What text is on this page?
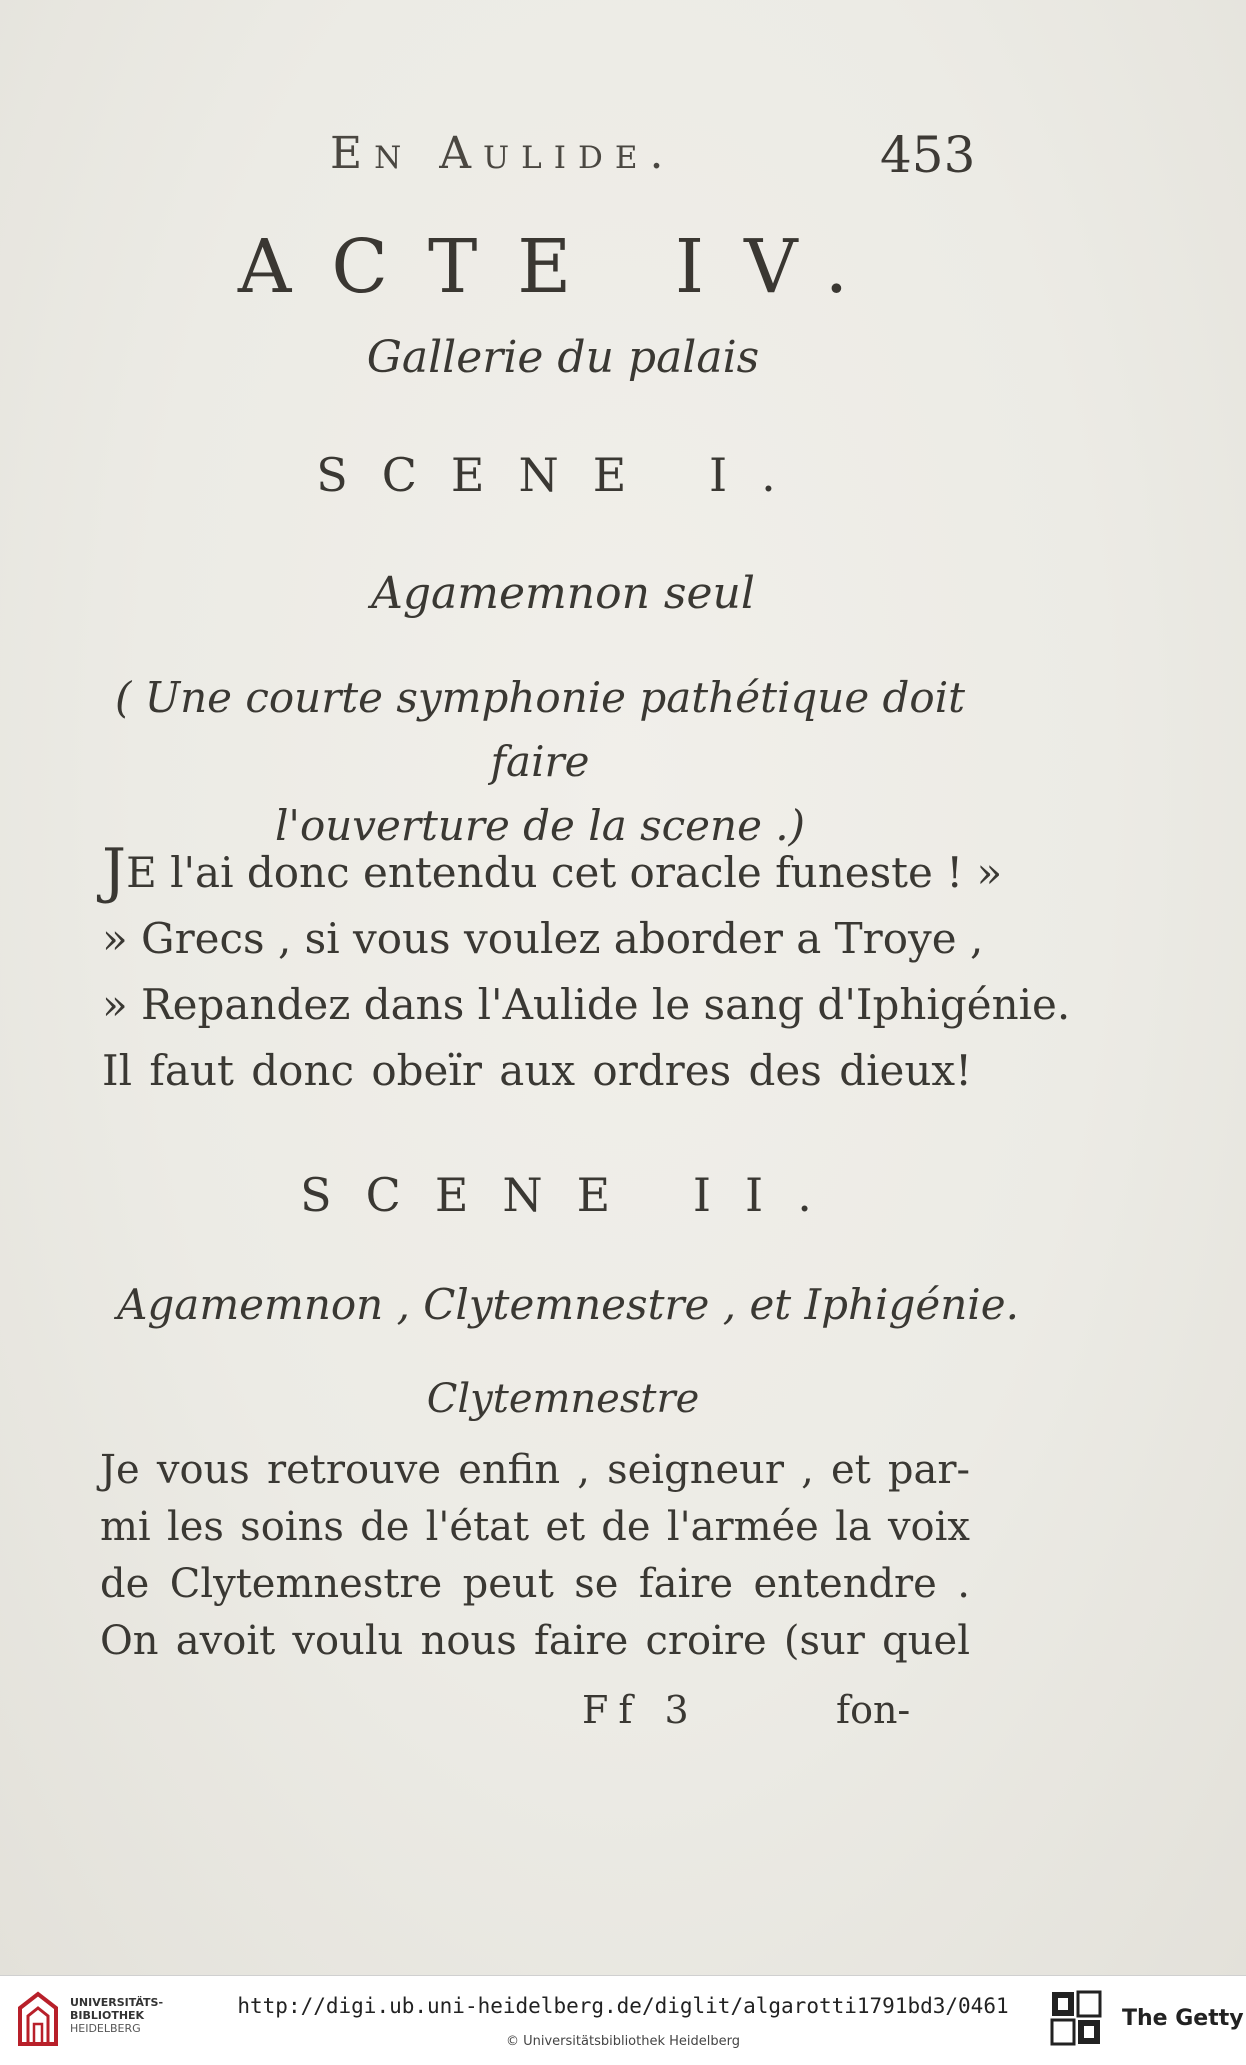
En Aulide.	453
ACTE IV.
Gallerie du palais
SCENE I.
Agamemnon seul
( Une courte symphonie pathétique doit faire
l'ouverture de la scene .)
JE l'ai donc entendu cet oracle funeste ! »
» Grecs , si vous voulez aborder a Troye ,
» Repandez dans l'Aulide le sang d'Iphigénie.
Il faut donc obeïr aux ordres des dieux!
SCENE II.
Agamemnon , Clytemnestre , et Iphigénie.
Clytemnestre
Je vous retrouve enfin , seigneur , et par-
mi les soins de l'état et de l'armée la voix
de Clytemnestre peut se faire entendre .
On avoit voulu nous faire croire (sur quel
Ff 3	fon-
UNIVERSITÄTS-
BIBLIOTHEK
HEIDELBERG
http://digi.ub.uni-heidelberg.de/diglit/algarotti1791bd3/0461
© Universitätsbibliothek Heidelberg
The Getty
